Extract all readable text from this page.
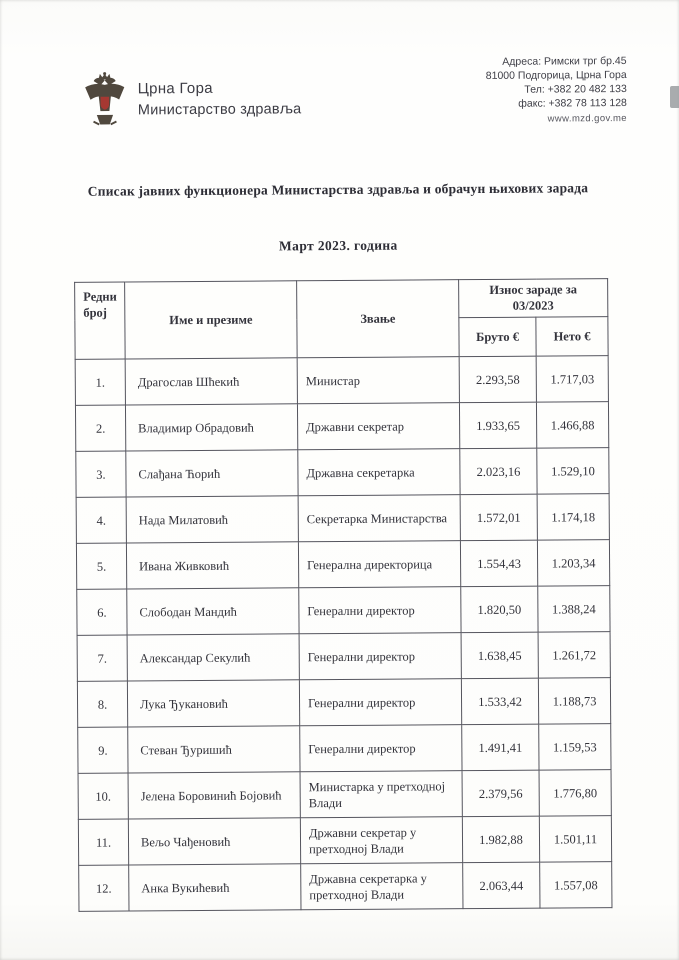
Црна Гора
Министарство здравља
Адреса: Римски трг бр.45
81000 Подгорица, Црна Гора
Тел: +382 20 482 133
факс: +382 78 113 128
www.mzd.gov.me
Списак јавних функционера Министарства здравља и обрачун њихових зарада
Март 2023. година
Редни
број	Име и презиме	Звање	Износ зараде за
03/2023	
			Бруто €	Нето €
1.	Драгослав Шћекић	Министар	2.293,58	1.717,03
2.	Владимир Обрадовић	Државни секретар	1.933,65	1.466,88
3.	Слађана Ћорић	Државна секретарка	2.023,16	1.529,10
4.	Нада Милатовић	Секретарка Министарства	1.572,01	1.174,18
5.	Ивана Живковић	Генерална директорица	1.554,43	1.203,34
6.	Слободан Мандић	Генерални директор	1.820,50	1.388,24
7.	Александар Секулић	Генерални директор	1.638,45	1.261,72
8.	Лука Ђукановић	Генерални директор	1.533,42	1.188,73
9.	Стеван Ђуришић	Генерални директор	1.491,41	1.159,53
10.	Јелена Боровинић Бојовић	Министарка у претходној Влади	2.379,56	1.776,80
11.	Вељо Чађеновић	Државни секретар у претходној Влади	1.982,88	1.501,11
12.	Анка Вукићевић	Државна секретарка у претходној Влади	2.063,44	1.557,08
